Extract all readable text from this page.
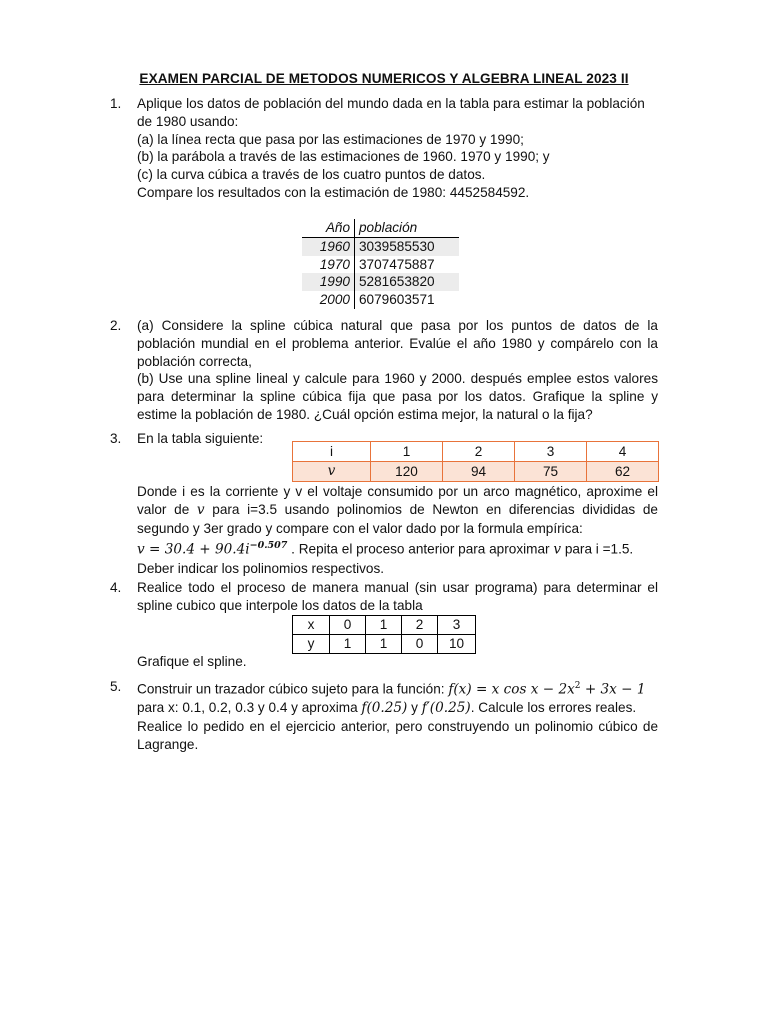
EXAMEN PARCIAL DE METODOS NUMERICOS Y ALGEBRA LINEAL 2023 II
1. Aplique los datos de población del mundo dada en la tabla para estimar la población
de 1980 usando:
(a) la línea recta que pasa por las estimaciones de 1970 y 1990;
(b) la parábola a través de las estimaciones de 1960. 1970 y 1990; y
(c) la curva cúbica a través de los cuatro puntos de datos.
Compare los resultados con la estimación de 1980: 4452584592.
Año	población
1960	3039585530
1970	3707475887
1990	5281653820
2000	6079603571
2. (a) Considere la spline cúbica natural que pasa por los puntos de datos de la población mundial en el problema anterior. Evalúe el año 1980 y compárelo con la población correcta,
(b) Use una spline lineal y calcule para 1960 y 2000. después emplee estos valores para determinar la spline cúbica fija que pasa por los datos. Grafique la spline y estime la población de 1980. ¿Cuál opción estima mejor, la natural o la fija?
3. En la tabla siguiente:
i	1	2	3	4
v	120	94	75	62
Donde i es la corriente y v el voltaje consumido por un arco magnético, aproxime el valor de v para i=3.5 usando polinomios de Newton en diferencias divididas de segundo y 3er grado y compare con el valor dado por la formula empírica:
$v = 30.4 + 90.4i^{-0.507}$ . Repita el proceso anterior para aproximar v para i =1.5.
Deber indicar los polinomios respectivos.
4. Realice todo el proceso de manera manual (sin usar programa) para determinar el spline cubico que interpole los datos de la tabla
x	0	1	2	3
y	1	1	0	10
Grafique el spline.
5. Construir un trazador cúbico sujeto para la función: f(x) = x $\cos x - 2x^2 + 3x - 1$
para x: 0.1, 0.2, 0.3 y 0.4 y aproxima f(0.25) y f′(0.25). Calcule los errores reales.
Realice lo pedido en el ejercicio anterior, pero construyendo un polinomio cúbico de Lagrange.
